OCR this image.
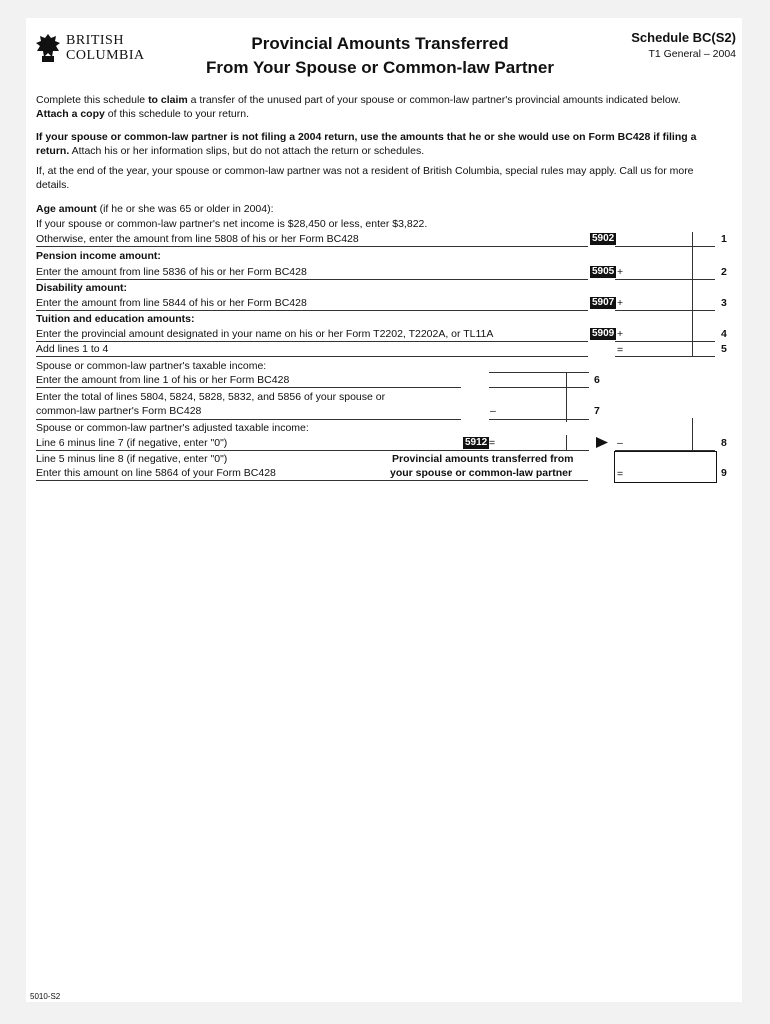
BRITISH
COLUMBIA
Provincial Amounts Transferred
From Your Spouse or Common-law Partner
Schedule BC(S2)
T1 General – 2004
Complete this schedule to claim a transfer of the unused part of your spouse or common-law partner's provincial amounts indicated below. Attach a copy of this schedule to your return.
If your spouse or common-law partner is not filing a 2004 return, use the amounts that he or she would use on Form BC428 if filing a return. Attach his or her information slips, but do not attach the return or schedules.
If, at the end of the year, your spouse or common-law partner was not a resident of British Columbia, special rules may apply. Call us for more details.
Age amount (if he or she was 65 or older in 2004):
If your spouse or common-law partner's net income is $28,450 or less, enter $3,822.
Otherwise, enter the amount from line 5808 of his or her Form BC428	5902	1
Pension income amount:
Enter the amount from line 5836 of his or her Form BC428	5905 +	2
Disability amount:
Enter the amount from line 5844 of his or her Form BC428	5907 +	3
Tuition and education amounts:
Enter the provincial amount designated in your name on his or her Form T2202, T2202A, or TL11A	5909 +	4
Add lines 1 to 4	=	5
Spouse or common-law partner's taxable income:
Enter the amount from line 1 of his or her Form BC428	6
Enter the total of lines 5804, 5824, 5828, 5832, and 5856 of your spouse or
common-law partner's Form BC428	–	7
Spouse or common-law partner's adjusted taxable income:
Line 6 minus line 7 (if negative, enter "0")	5912 =	–	8
Line 5 minus line 8 (if negative, enter "0")
Enter this amount on line 5864 of your Form BC428
Provincial amounts transferred from
your spouse or common-law partner	=	9
5010-S2
